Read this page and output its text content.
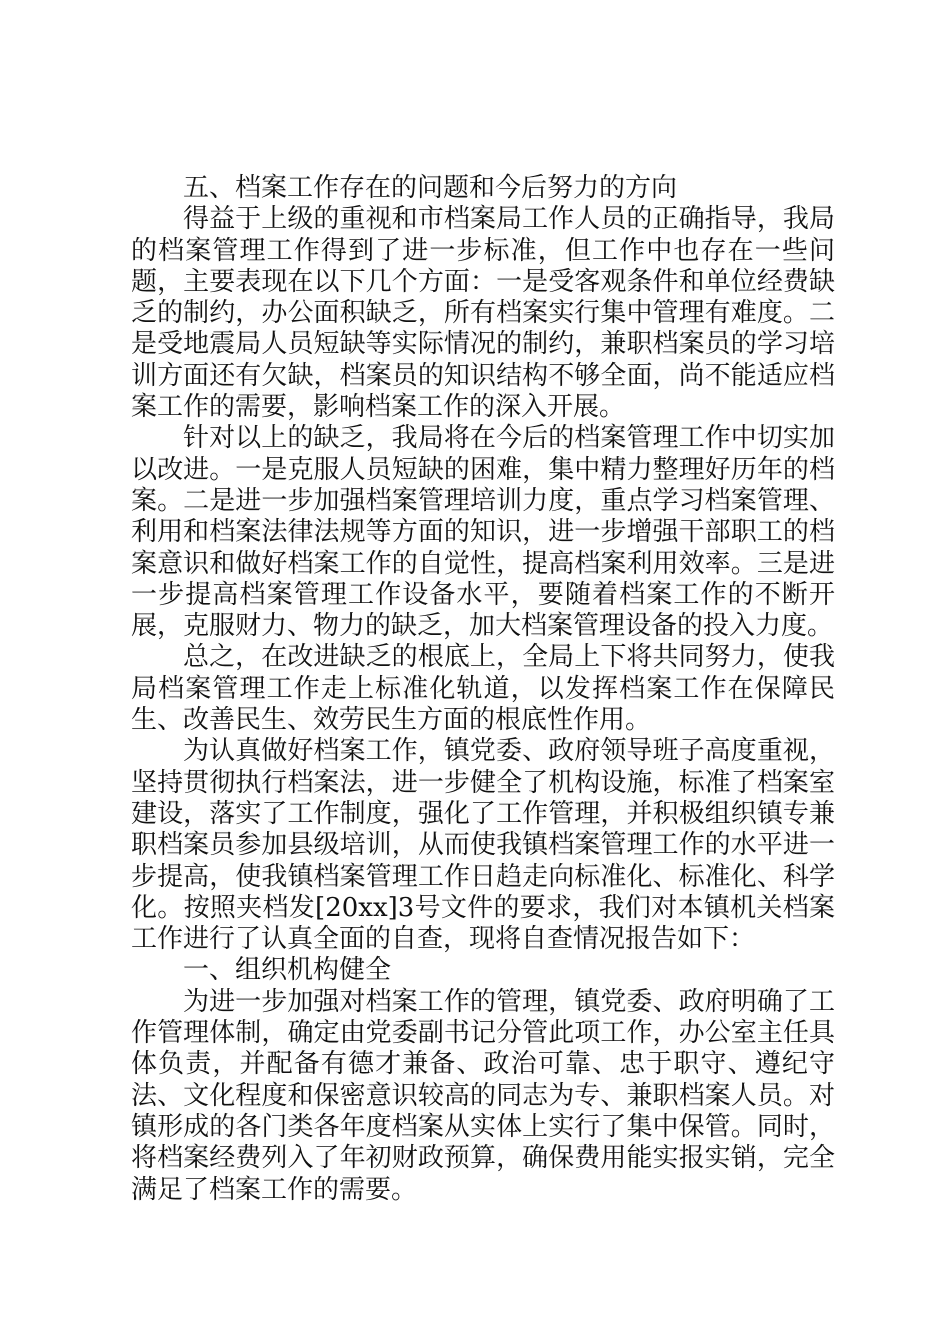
五、档案工作存在的问题和今后努力的方向

得益于上级的重视和市档案局工作人员的正确指导，我局的档案管理工作得到了进一步标准，但工作中也存在一些问题，主要表现在以下几个方面：一是受客观条件和单位经费缺乏的制约，办公面积缺乏，所有档案实行集中管理有难度。二是受地震局人员短缺等实际情况的制约，兼职档案员的学习培训方面还有欠缺，档案员的知识结构不够全面，尚不能适应档案工作的需要，影响档案工作的深入开展。

针对以上的缺乏，我局将在今后的档案管理工作中切实加以改进。一是克服人员短缺的困难，集中精力整理好历年的档案。二是进一步加强档案管理培训力度，重点学习档案管理、利用和档案法律法规等方面的知识，进一步增强干部职工的档案意识和做好档案工作的自觉性，提高档案利用效率。三是进一步提高档案管理工作设备水平，要随着档案工作的不断开展，克服财力、物力的缺乏，加大档案管理设备的投入力度。

总之，在改进缺乏的根底上，全局上下将共同努力，使我局档案管理工作走上标准化轨道，以发挥档案工作在保障民生、改善民生、效劳民生方面的根底性作用。

为认真做好档案工作，镇党委、政府领导班子高度重视，坚持贯彻执行档案法，进一步健全了机构设施，标准了档案室建设，落实了工作制度，强化了工作管理，并积极组织镇专兼职档案员参加县级培训，从而使我镇档案管理工作的水平进一步提高，使我镇档案管理工作日趋走向标准化、标准化、科学化。按照夹档发[20xx]3号文件的要求，我们对本镇机关档案工作进行了认真全面的自查，现将自查情况报告如下：

一、组织机构健全

为进一步加强对档案工作的管理，镇党委、政府明确了工作管理体制，确定由党委副书记分管此项工作，办公室主任具体负责，并配备有德才兼备、政治可靠、忠于职守、遵纪守法、文化程度和保密意识较高的同志为专、兼职档案人员。对镇形成的各门类各年度档案从实体上实行了集中保管。同时，将档案经费列入了年初财政预算，确保费用能实报实销，完全满足了档案工作的需要。
